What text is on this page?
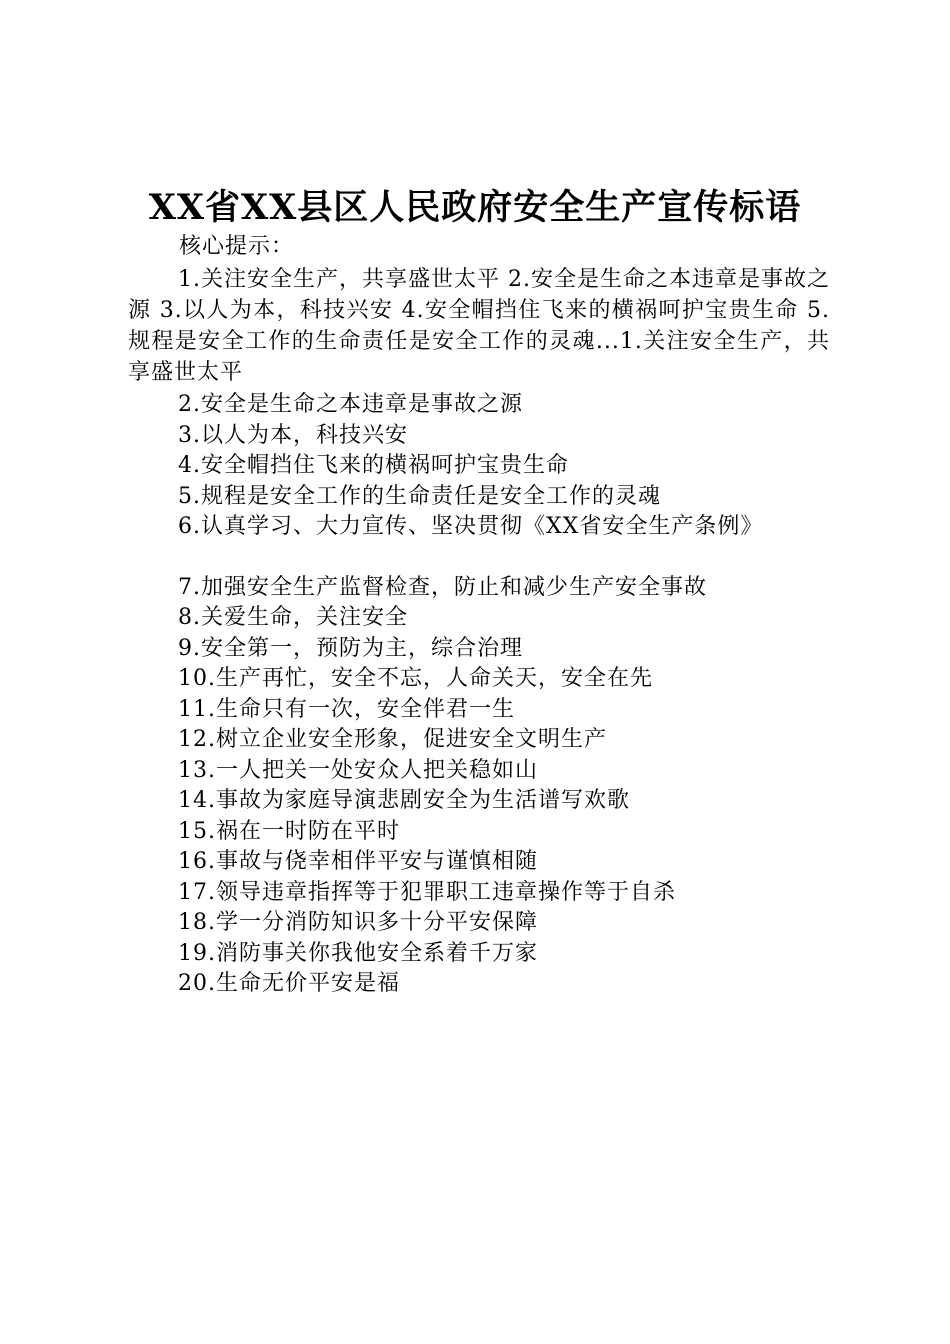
XX省XX县区人民政府安全生产宣传标语
核心提示：

1.关注安全生产，共享盛世太平 2.安全是生命之本违章是事故之源 3.以人为本，科技兴安 4.安全帽挡住飞来的横祸呵护宝贵生命 5.规程是安全工作的生命责任是安全工作的灵魂...1.关注安全生产，共享盛世太平

2.安全是生命之本违章是事故之源
3.以人为本，科技兴安
4.安全帽挡住飞来的横祸呵护宝贵生命
5.规程是安全工作的生命责任是安全工作的灵魂
6.认真学习、大力宣传、坚决贯彻《XX省安全生产条例》
7.加强安全生产监督检查，防止和减少生产安全事故
8.关爱生命，关注安全
9.安全第一，预防为主，综合治理
10.生产再忙，安全不忘，人命关天，安全在先
11.生命只有一次，安全伴君一生
12.树立企业安全形象，促进安全文明生产
13.一人把关一处安众人把关稳如山
14.事故为家庭导演悲剧安全为生活谱写欢歌
15.祸在一时防在平时
16.事故与侥幸相伴平安与谨慎相随
17.领导违章指挥等于犯罪职工违章操作等于自杀
18.学一分消防知识多十分平安保障
19.消防事关你我他安全系着千万家
20.生命无价平安是福
